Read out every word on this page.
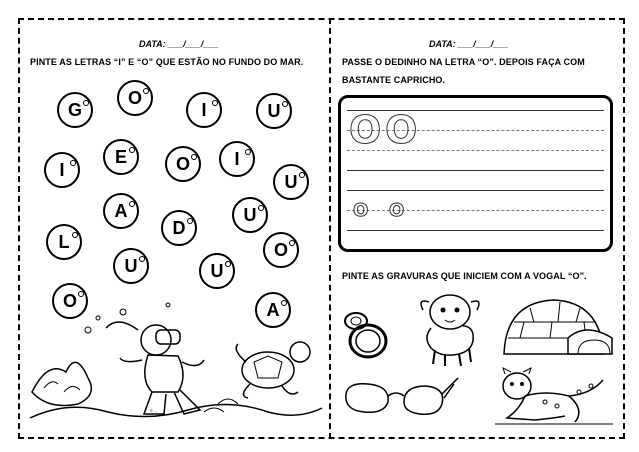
DATA: ___/___/___
PINTE AS LETRAS “I” E “O” QUE ESTÃO NO FUNDO DO MAR.
G
O
I	U
I
E	O	I
U
A	U
D
L
U
O
U
A
O
© ...
DATA: ___/___/___
PASSE O DEDINHO NA LETRA “O”. DEPOIS FAÇA COM BASTANTE CAPRICHO.
O O
O O
PINTE AS GRAVURAS QUE INICIEM COM A VOGAL “O”.
